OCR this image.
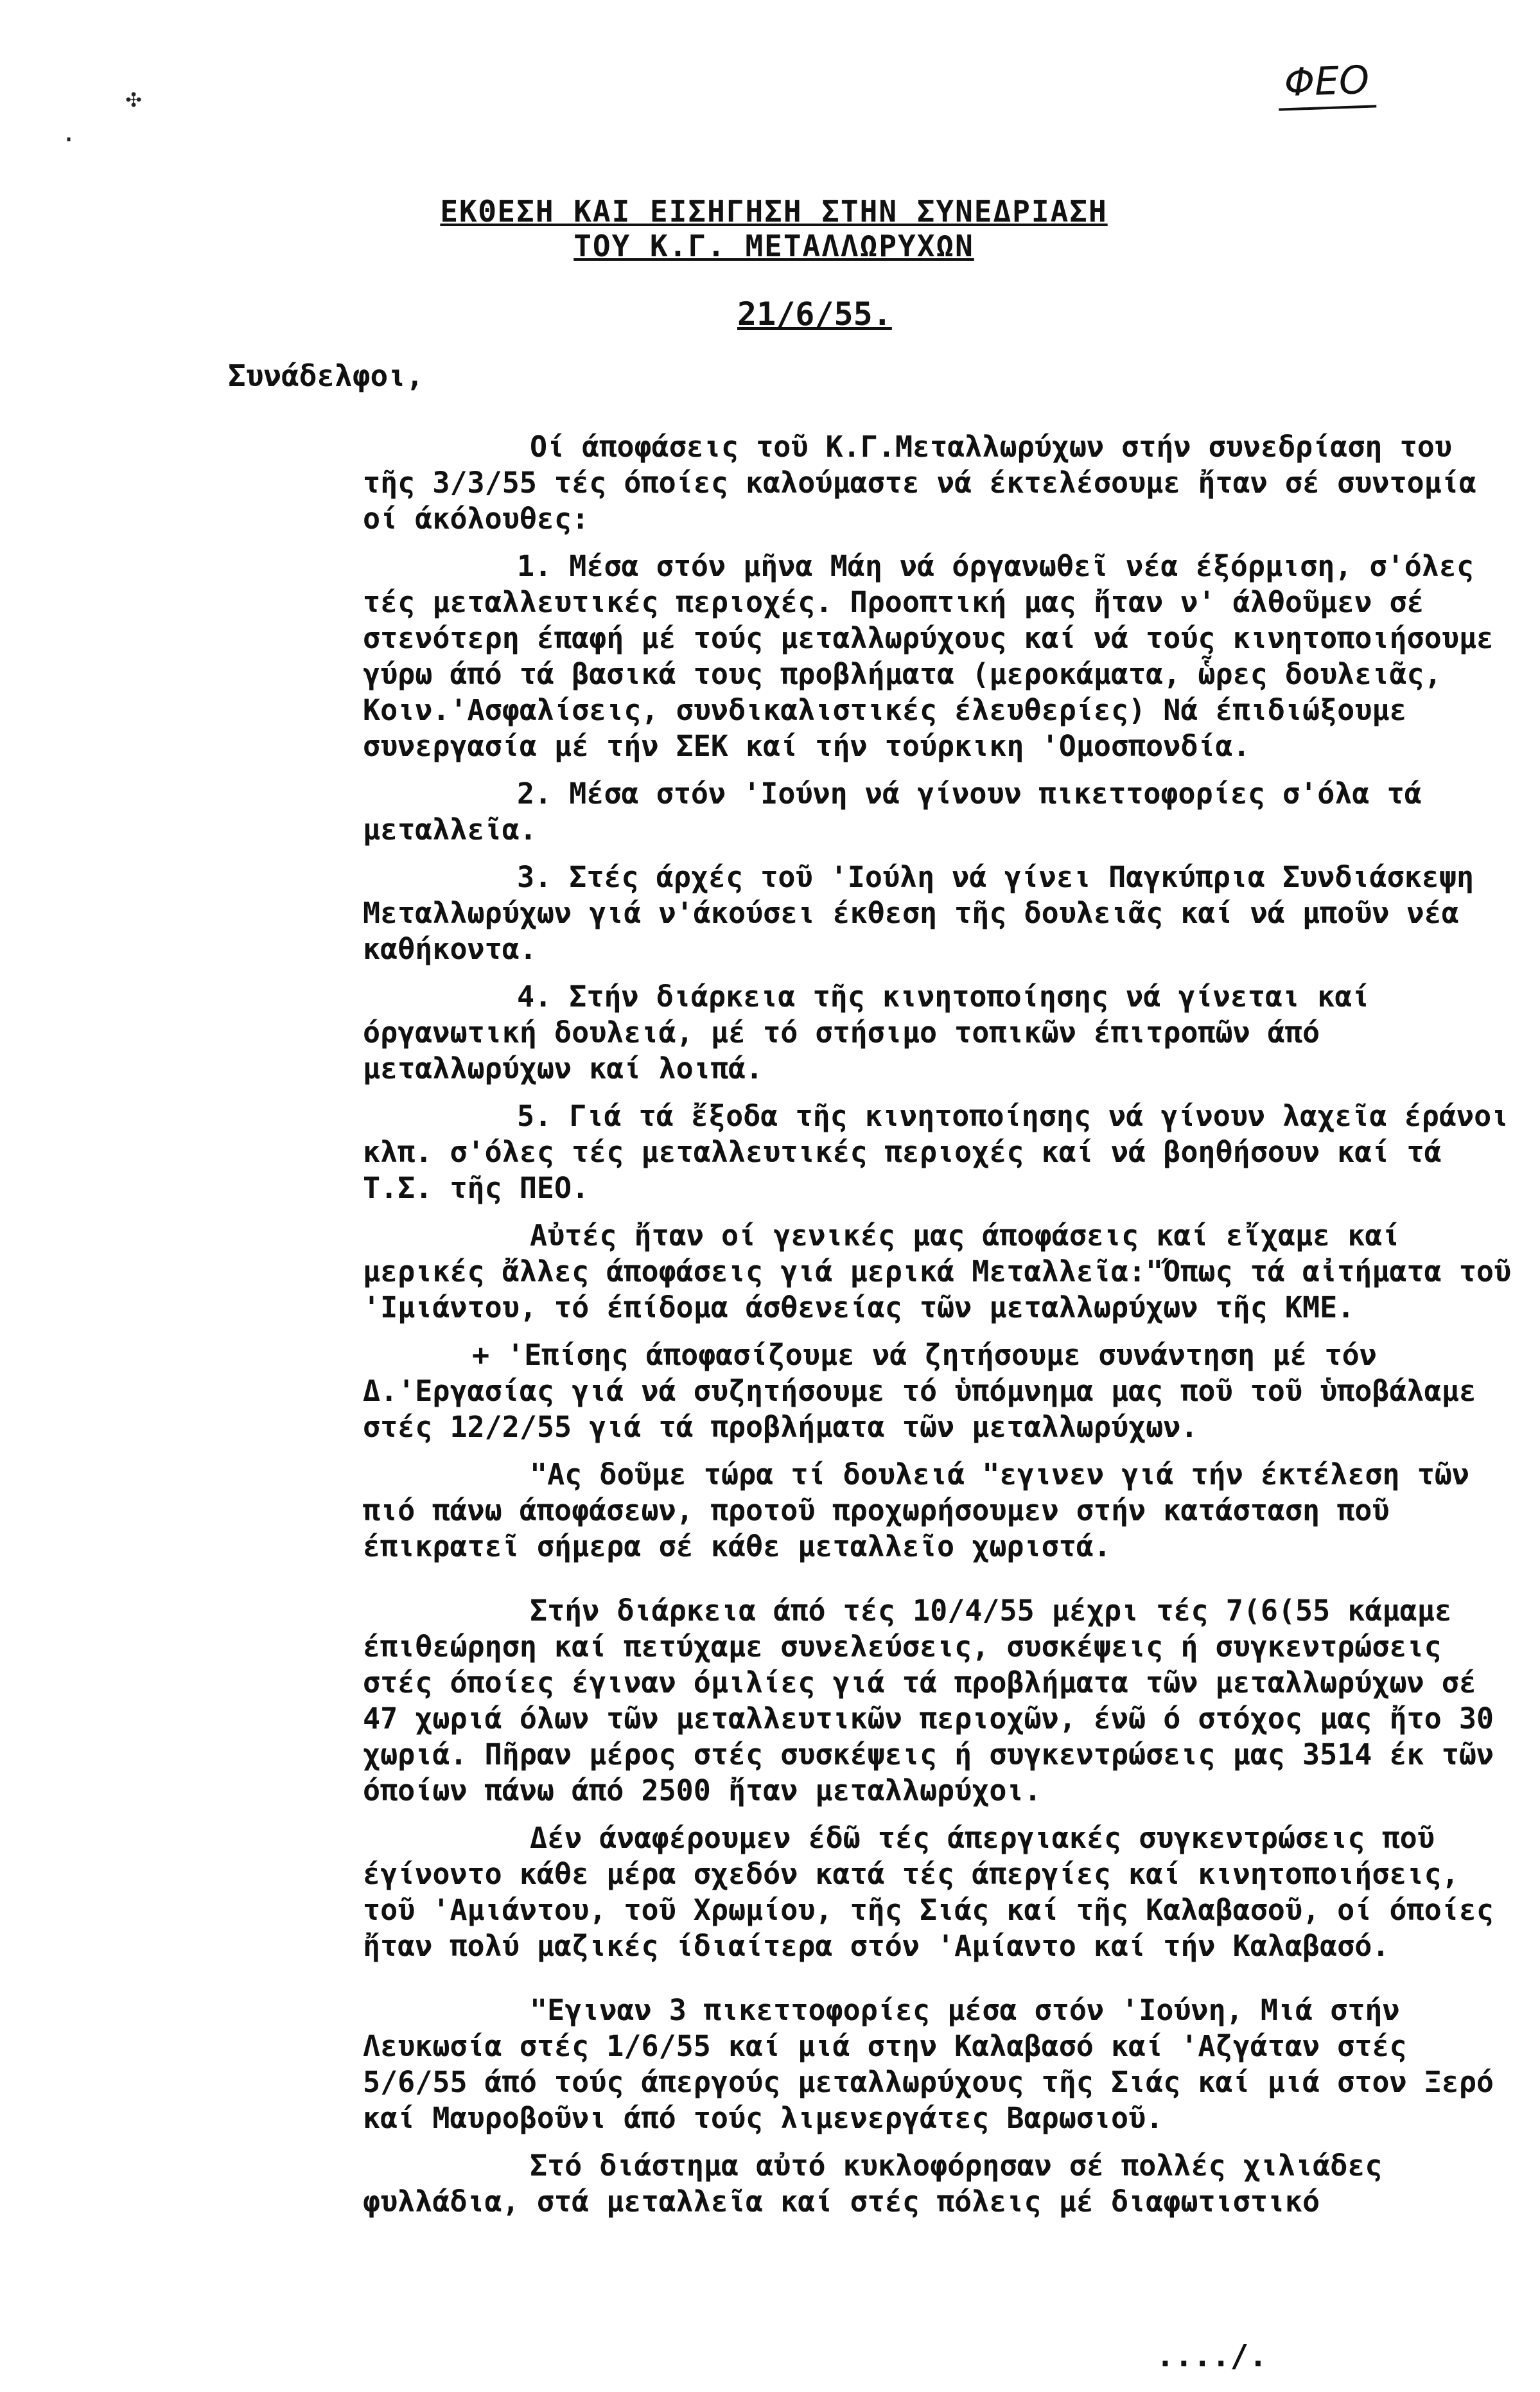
✣
·
ΦΕΟ
ΕΚΘΕΣΗ ΚΑΙ ΕΙΣΗΓΗΣΗ ΣΤΗΝ ΣΥΝΕΔΡΙΑΣΗ
ΤΟΥ Κ.Γ. ΜΕΤΑΛΛΩΡΥΧΩΝ
21/6/55.
Συνάδελφοι,

Οί άποφάσεις τοῦ Κ.Γ.Μεταλλωρύχων στήν συνεδρίαση του τῆς 3/3/55 τές όποίες καλούμαστε νά έκτελέσουμε ἤταν σέ συντομία οί άκόλουθες:

1. Μέσα στόν μῆνα Μάη νά όργανωθεῖ νέα έξόρμιση, σ'όλες τές μεταλλευτικές περιοχές. Προοπτική μας ἤταν ν' άλθοῦμεν σέ στενότερη έπαφή μέ τούς μεταλλωρύχους καί νά τούς κινητοποιήσουμε γύρω άπό τά βασικά τους προβλήματα (μεροκάματα, ὧρες δουλειᾶς, Κοιν.'Ασφαλίσεις, συνδικαλιστικές έλευθερίες) Νά έπιδιώξουμε συνεργασία μέ τήν ΣΕΚ καί τήν τούρκικη 'Ομοσπονδία.

2. Μέσα στόν 'Ιούνη νά γίνουν πικεττοφορίες σ'όλα τά μεταλλεῖα.

3. Στές άρχές τοῦ 'Ιούλη νά γίνει Παγκύπρια Συνδιάσκεψη Μεταλλωρύχων γιά ν'άκούσει έκθεση τῆς δουλειᾶς καί νά μποῦν νέα καθήκοντα.

4. Στήν διάρκεια τῆς κινητοποίησης νά γίνεται καί όργανωτική δουλειά, μέ τό στήσιμο τοπικῶν έπιτροπῶν άπό μεταλλωρύχων καί λοιπά.

5. Γιά τά ἔξοδα τῆς κινητοποίησης νά γίνουν λαχεῖα έράνοι κλπ. σ'όλες τές μεταλλευτικές περιοχές καί νά βοηθήσουν καί τά Τ.Σ. τῆς ΠΕΟ.

Αὐτές ἤταν οί γενικές μας άποφάσεις καί εἴχαμε καί μερικές ἄλλες άποφάσεις γιά μερικά Μεταλλεῖα:"Όπως τά αἰτήματα τοῦ 'Ιμιάντου, τό έπίδομα άσθενείας τῶν μεταλλωρύχων τῆς ΚΜΕ.

+ 'Επίσης άποφασίζουμε νά ζητήσουμε συνάντηση μέ τόν Δ.'Εργασίας γιά νά συζητήσουμε τό ὑπόμνημα μας ποῦ τοῦ ὑποβάλαμε στές 12/2/55 γιά τά προβλήματα τῶν μεταλλωρύχων.

"Ας δοῦμε τώρα τί δουλειά "εγινεν γιά τήν έκτέλεση τῶν πιό πάνω άποφάσεων, προτοῦ προχωρήσουμεν στήν κατάσταση ποῦ έπικρατεῖ σήμερα σέ κάθε μεταλλεῖο χωριστά.

Στήν διάρκεια άπό τές 10/4/55 μέχρι τές 7(6(55 κάμαμε έπιθεώρηση καί πετύχαμε συνελεύσεις, συσκέψεις ή συγκεντρώσεις στές όποίες έγιναν όμιλίες γιά τά προβλήματα τῶν μεταλλωρύχων σέ 47 χωριά όλων τῶν μεταλλευτικῶν περιοχῶν, ένῶ ό στόχος μας ἤτο 30 χωριά. Πῆραν μέρος στές συσκέψεις ή συγκεντρώσεις μας 3514 έκ τῶν όποίων πάνω άπό 2500 ἤταν μεταλλωρύχοι.

Δέν άναφέρουμεν έδῶ τές άπεργιακές συγκεντρώσεις ποῦ έγίνοντο κάθε μέρα σχεδόν κατά τές άπεργίες καί κινητοποιήσεις, τοῦ 'Αμιάντου, τοῦ Χρωμίου, τῆς Σιάς καί τῆς Καλαβασοῦ, οί όποίες ἤταν πολύ μαζικές ίδιαίτερα στόν 'Αμίαντο καί τήν Καλαβασό.

"Εγιναν 3 πικεττοφορίες μέσα στόν 'Ιούνη, Μιά στήν Λευκωσία στές 1/6/55 καί μιά στην Καλαβασό καί 'Αζγάταν στές 5/6/55 άπό τούς άπεργούς μεταλλωρύχους τῆς Σιάς καί μιά στον Ξερό καί Μαυροβοῦνι άπό τούς λιμενεργάτες Βαρωσιοῦ.

Στό διάστημα αὐτό κυκλοφόρησαν σέ πολλές χιλιάδες φυλλάδια, στά μεταλλεῖα καί στές πόλεις μέ διαφωτιστικό

..../.
